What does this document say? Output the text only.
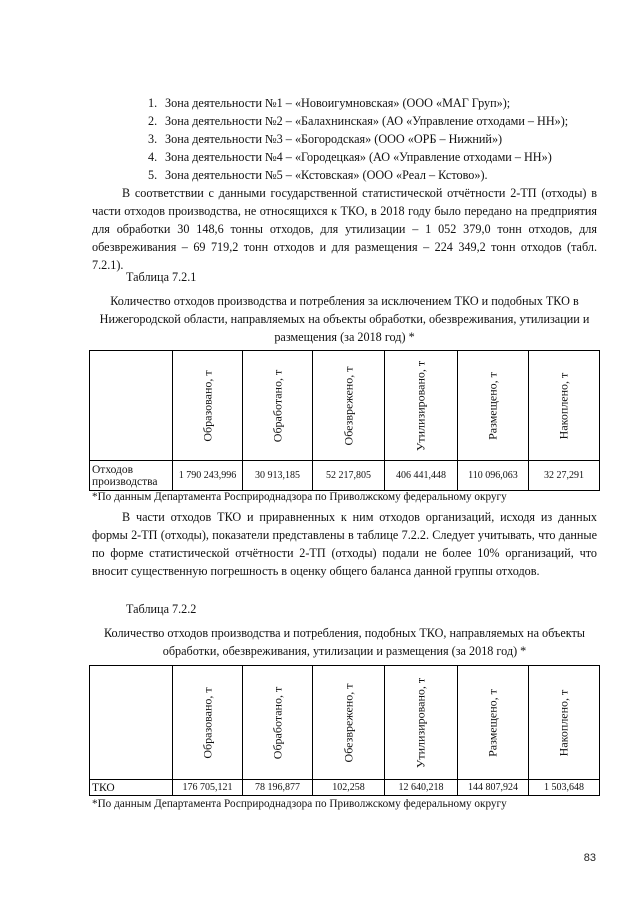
1. Зона деятельности №1 – «Новоигумновская» (ООО «МАГ Груп»);
2. Зона деятельности №2 – «Балахнинская» (АО «Управление отходами – НН»);
3. Зона деятельности №3 – «Богородская» (ООО «ОРБ – Нижний»)
4. Зона деятельности №4 – «Городецкая» (АО «Управление отходами – НН»)
5. Зона деятельности №5 – «Кстовская» (ООО «Реал – Кстово»).

В соответствии с данными государственной статистической отчётности 2-ТП (отходы) в части отходов производства, не относящихся к ТКО, в 2018 году было передано на предприятия для обработки 30 148,6 тонны отходов, для утилизации – 1 052 379,0 тонн отходов, для обезвреживания – 69 719,2 тонн отходов и для размещения – 224 349,2 тонн отходов (табл. 7.2.1).

Таблица 7.2.1

Количество отходов производства и потребления за исключением ТКО и подобных ТКО в Нижегородской области, направляемых на объекты обработки, обезвреживания, утилизации и размещения (за 2018 год) *

	Образовано, т	Обработано, т	Обезврежено, т	Утилизировано, т	Размещено, т	Накоплено, т

Отходов производства	1 790 243,996	30 913,185	52 217,805	406 441,448	110 096,063	32 27,291
*По данным Департамента Росприроднадзора по Приволжскому федеральному округу

В части отходов ТКО и приравненных к ним отходов организаций, исходя из данных формы 2-ТП (отходы), показатели представлены в таблице 7.2.2. Следует учитывать, что данные по форме статистической отчётности 2-ТП (отходы) подали не более 10% организаций, что вносит существенную погрешность в оценку общего баланса данной группы отходов.

Таблица 7.2.2

Количество отходов производства и потребления, подобных ТКО, направляемых на объекты обработки, обезвреживания, утилизации и размещения (за 2018 год) *

	Образовано, т	Обработано, т	Обезврежено, т	Утилизировано, т	Размещено, т	Накоплено, т

ТКО	176 705,121	78 196,877	102,258	12 640,218	144 807,924	1 503,648
*По данным Департамента Росприроднадзора по Приволжскому федеральному округу
83
